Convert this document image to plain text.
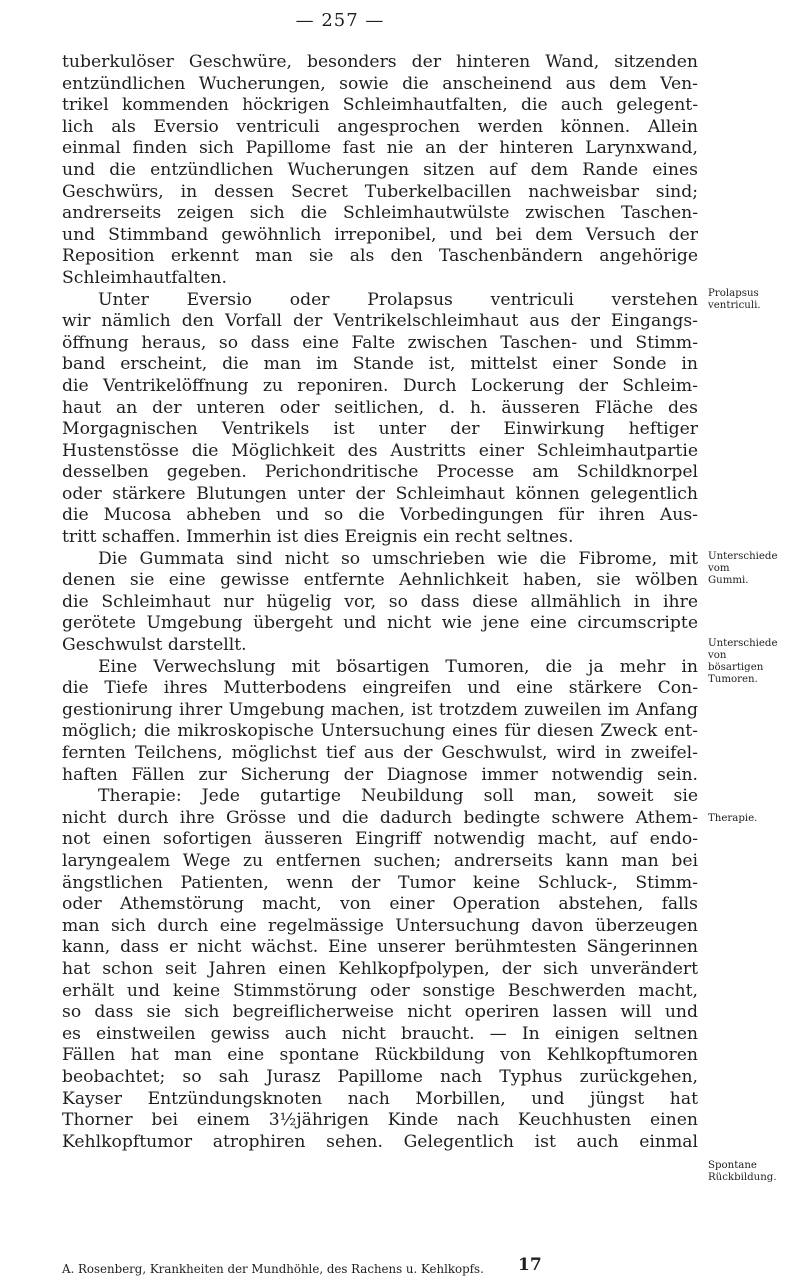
— 257 —
tuberkulöser Geschwüre, besonders der hinteren Wand, sitzenden
entzündlichen Wucherungen, sowie die anscheinend aus dem Ven-
trikel kommenden höckrigen Schleimhautfalten, die auch gelegent-
lich als Eversio ventriculi angesprochen werden können. Allein
einmal finden sich Papillome fast nie an der hinteren Larynxwand,
und die entzündlichen Wucherungen sitzen auf dem Rande eines
Geschwürs, in dessen Secret Tuberkelbacillen nachweisbar sind;
andrerseits zeigen sich die Schleimhautwülste zwischen Taschen-
und Stimmband gewöhnlich irreponibel, und bei dem Versuch der
Reposition erkennt man sie als den Taschenbändern angehörige
Schleimhautfalten.
Unter Eversio oder Prolapsus ventriculi verstehen
wir nämlich den Vorfall der Ventrikelschleimhaut aus der Eingangs-
öffnung heraus, so dass eine Falte zwischen Taschen- und Stimm-
band erscheint, die man im Stande ist, mittelst einer Sonde in
die Ventrikelöffnung zu reponiren. Durch Lockerung der Schleim-
haut an der unteren oder seitlichen, d. h. äusseren Fläche des
Morgagnischen Ventrikels ist unter der Einwirkung heftiger
Hustenstösse die Möglichkeit des Austritts einer Schleimhautpartie
desselben gegeben. Perichondritische Processe am Schildknorpel
oder stärkere Blutungen unter der Schleimhaut können gelegentlich
die Mucosa abheben und so die Vorbedingungen für ihren Aus-
tritt schaffen. Immerhin ist dies Ereignis ein recht seltnes.
Die Gummata sind nicht so umschrieben wie die Fibrome, mit
denen sie eine gewisse entfernte Aehnlichkeit haben, sie wölben
die Schleimhaut nur hügelig vor, so dass diese allmählich in ihre
gerötete Umgebung übergeht und nicht wie jene eine circumscripte
Geschwulst darstellt.
Eine Verwechslung mit bösartigen Tumoren, die ja mehr in
die Tiefe ihres Mutterbodens eingreifen und eine stärkere Con-
gestionirung ihrer Umgebung machen, ist trotzdem zuweilen im Anfang
möglich; die mikroskopische Untersuchung eines für diesen Zweck ent-
fernten Teilchens, möglichst tief aus der Geschwulst, wird in zweifel-
haften Fällen zur Sicherung der Diagnose immer notwendig sein.
Therapie: Jede gutartige Neubildung soll man, soweit sie
nicht durch ihre Grösse und die dadurch bedingte schwere Athem-
not einen sofortigen äusseren Eingriff notwendig macht, auf endo-
laryngealem Wege zu entfernen suchen; andrerseits kann man bei
ängstlichen Patienten, wenn der Tumor keine Schluck-, Stimm-
oder Athemstörung macht, von einer Operation abstehen, falls
man sich durch eine regelmässige Untersuchung davon überzeugen
kann, dass er nicht wächst. Eine unserer berühmtesten Sängerinnen
hat schon seit Jahren einen Kehlkopfpolypen, der sich unverändert
erhält und keine Stimmstörung oder sonstige Beschwerden macht,
so dass sie sich begreiflicherweise nicht operiren lassen will und
es einstweilen gewiss auch nicht braucht. — In einigen seltnen
Fällen hat man eine spontane Rückbildung von Kehlkopftumoren
beobachtet; so sah Jurasz Papillome nach Typhus zurückgehen,
Kayser Entzündungsknoten nach Morbillen, und jüngst hat
Thorner bei einem 3½jährigen Kinde nach Keuchhusten einen
Kehlkopftumor atrophiren sehen. Gelegentlich ist auch einmal
Prolapsus
ventriculi.
Unterschiede
vom
Gummi.
Unterschiede
von
bösartigen
Tumoren.
Therapie.
Spontane
Rückbildung.
A. Rosenberg, Krankheiten der Mundhöhle, des Rachens u. Kehlkopfs. 17
